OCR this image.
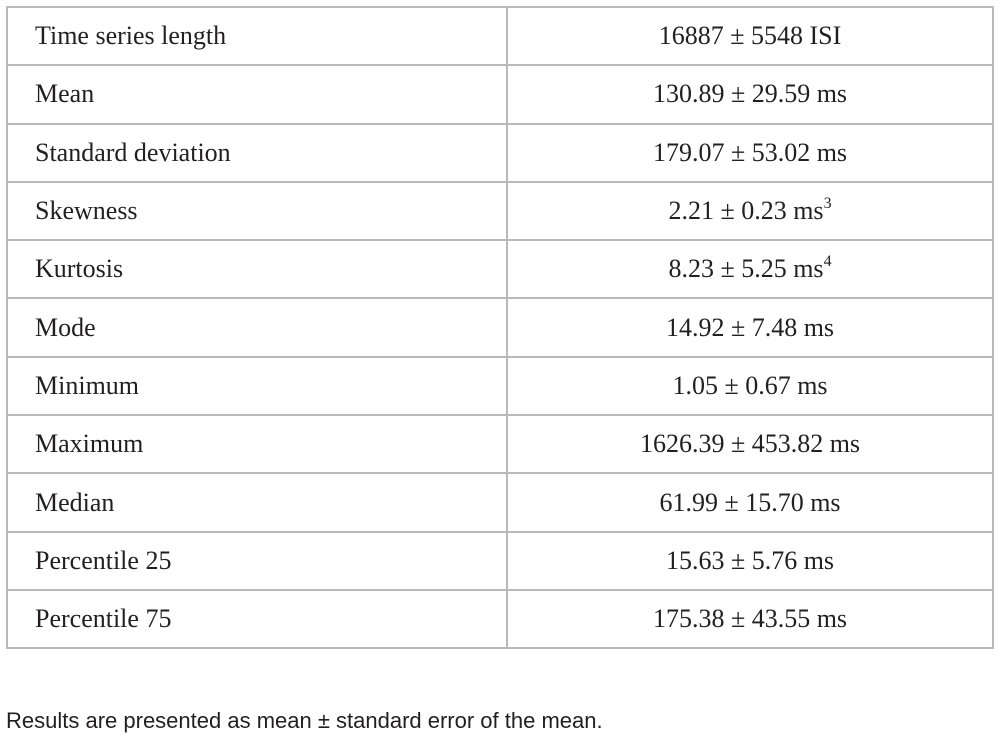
Time series length	16887 ± 5548 ISI
Mean	130.89 ± 29.59 ms
Standard deviation	179.07 ± 53.02 ms
Skewness	2.21 ± 0.23 $ms^3$
Kurtosis	8.23 ± 5.25 $ms^4$
Mode	14.92 ± 7.48 ms
Minimum	1.05 ± 0.67 ms
Maximum	1626.39 ± 453.82 ms
Median	61.99 ± 15.70 ms
Percentile 25	15.63 ± 5.76 ms
Percentile 75	175.38 ± 43.55 ms

Results are presented as mean ± standard error of the mean.
